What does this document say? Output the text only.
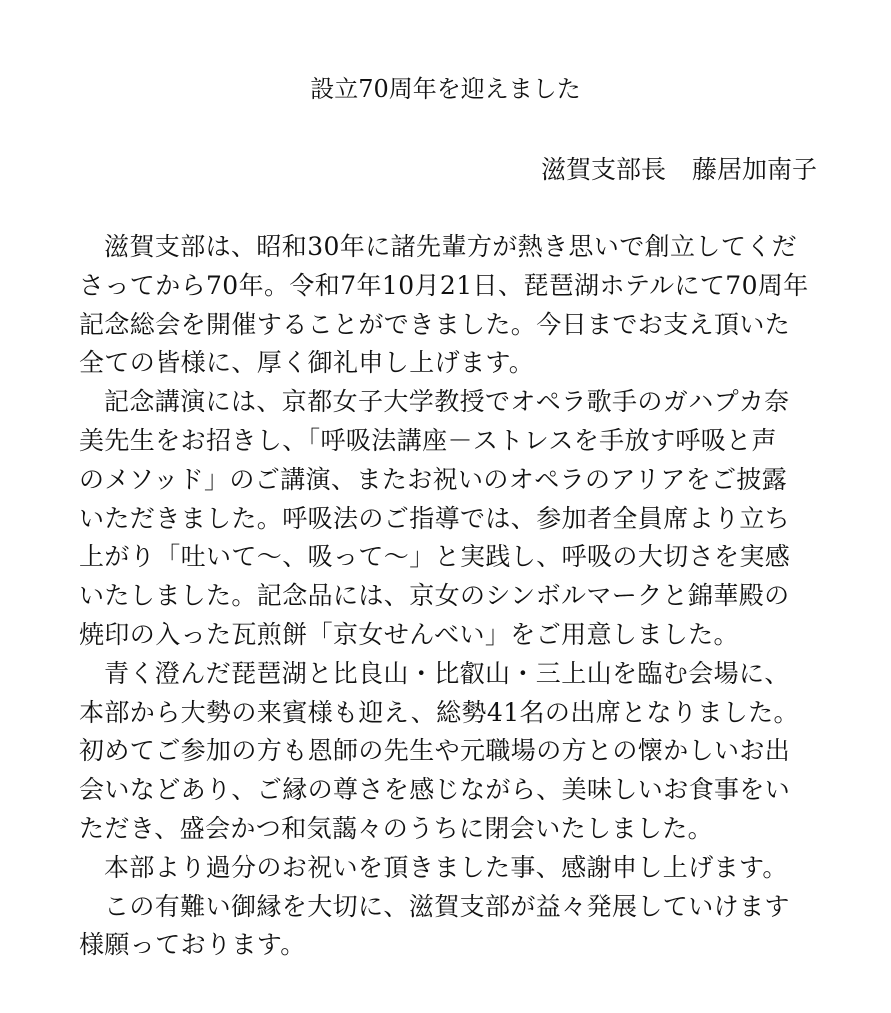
設立70周年を迎えました
滋賀支部長 藤居加南子
滋賀支部は、昭和30年に諸先輩方が熱き思いで創立してくだ
さってから70年。令和7年10月21日、琵琶湖ホテルにて70周年
記念総会を開催することができました。今日までお支え頂いた
全ての皆様に、厚く御礼申し上げます。
記念講演には、京都女子大学教授でオペラ歌手のガハプカ奈
美先生をお招きし、「呼吸法講座－ストレスを手放す呼吸と声
のメソッド」のご講演、またお祝いのオペラのアリアをご披露
いただきました。呼吸法のご指導では、参加者全員席より立ち
上がり「吐いて～、吸って～」と実践し、呼吸の大切さを実感
いたしました。記念品には、京女のシンボルマークと錦華殿の
焼印の入った瓦煎餅「京女せんべい」をご用意しました。
青く澄んだ琵琶湖と比良山・比叡山・三上山を臨む会場に、
本部から大勢の来賓様も迎え、総勢41名の出席となりました。
初めてご参加の方も恩師の先生や元職場の方との懐かしいお出
会いなどあり、ご縁の尊さを感じながら、美味しいお食事をい
ただき、盛会かつ和気藹々のうちに閉会いたしました。
本部より過分のお祝いを頂きました事、感謝申し上げます。
この有難い御縁を大切に、滋賀支部が益々発展していけます
様願っております。
